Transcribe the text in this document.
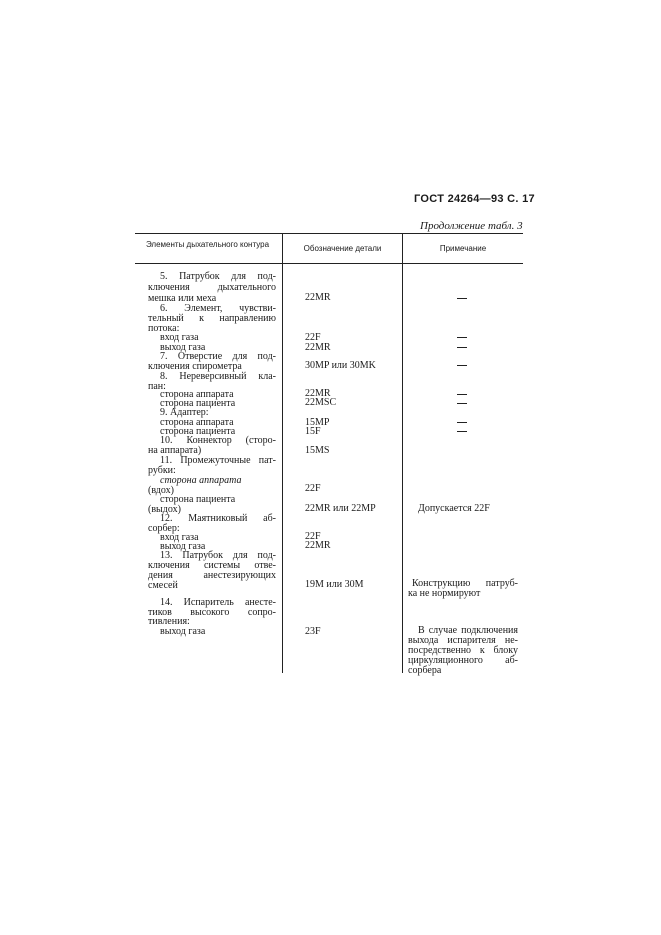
ГОСТ 24264—93 С. 17
Продолжение табл. 3
Элементы дыхательного контура	Обозначение детали	Примечание
5. Патрубок для под-
ключения дыхательного
мешка или меха	22MR
6. Элемент, чувстви-
тельный к направлению
потока:
вход газа	22F
выход газа	22MR
7. Отверстие для под-
ключения спирометра	30MP или 30MK
8. Нереверсивный кла-
пан:
сторона аппарата	22MR
сторона пациента	22MSC
9. Адаптер:
сторона аппарата	15MP
сторона пациента	15F
10. Коннектор (сторо-
на аппарата)	15MS
11. Промежуточные пат-
рубки:
сторона аппарата
(вдох)	22F
сторона пациента
(выдох)	22MR или 22MP	Допускается 22F
12. Маятниковый аб-
сорбер:
вход газа	22F
выход газа	22MR
13. Патрубок для под-
ключения системы отве-
дения анестезирующих
смесей	19M или 30M	Конструкцию патруб-
ка не нормируют
14. Испаритель анесте-
тиков высокого сопро-
тивления:
выход газа	23F	В случае подключения
выхода испарителя не-
посредственно к блоку
циркуляционного аб-
сорбера
